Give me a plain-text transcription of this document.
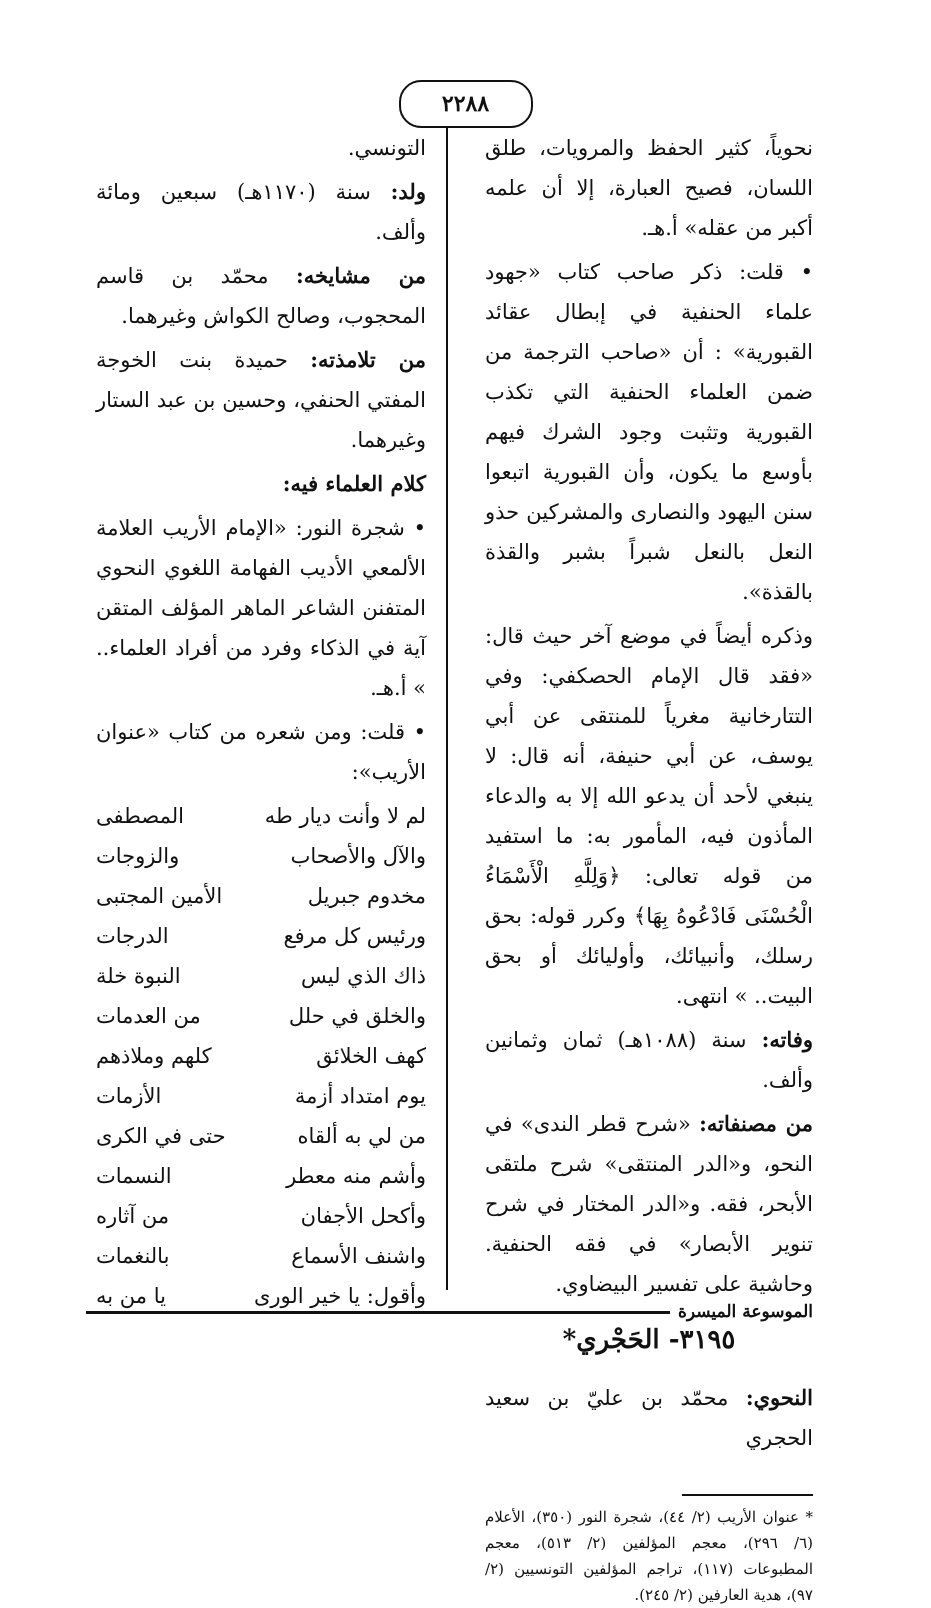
٢٢٨٨

نحوياً، كثير الحفظ والمرويات، طلق اللسان، فصيح العبارة، إلا أن علمه أكبر من عقله» أ.هـ.

• قلت: ذكر صاحب كتاب «جهود علماء الحنفية في إبطال عقائد القبورية» : أن «صاحب الترجمة من ضمن العلماء الحنفية التي تكذب القبورية وتثبت وجود الشرك فيهم بأوسع ما يكون، وأن القبورية اتبعوا سنن اليهود والنصارى والمشركين حذو النعل بالنعل شبراً بشبر والقذة بالقذة».

وذكره أيضاً في موضع آخر حيث قال: «فقد قال الإمام الحصكفي: وفي التتارخانية مغرياً للمنتقى عن أبي يوسف، عن أبي حنيفة، أنه قال: لا ينبغي لأحد أن يدعو الله إلا به والدعاء المأذون فيه، المأمور به: ما استفيد من قوله تعالى: ﴿وَلِلَّهِ الْأَسْمَاءُ الْحُسْنَى فَادْعُوهُ بِهَا﴾ وكرر قوله: بحق رسلك، وأنبيائك، وأوليائك أو بحق البيت.. » انتهى.

وفاته: سنة (١٠٨٨هـ) ثمان وثمانين وألف.

من مصنفاته: «شرح قطر الندى» في النحو، و«الدر المنتقى» شرح ملتقى الأبحر، فقه. و«الدر المختار في شرح تنوير الأبصار» في فقه الحنفية. وحاشية على تفسير البيضاوي.

٣١٩٥- الحَجْري*

النحوي: محمّد بن عليّ بن سعيد الحجري

* عنوان الأريب (٢/ ٤٤)، شجرة النور (٣٥٠)، الأعلام (٦/ ٢٩٦)، معجم المؤلفين (٢/ ٥١٣)، معجم المطبوعات (١١٧)، تراجم المؤلفين التونسيين (٢/ ٩٧)، هدية العارفين (٢/ ٢٤٥).

التونسي.

ولد: سنة (١١٧٠هـ) سبعين ومائة وألف.

من مشايخه: محمّد بن قاسم المحجوب، وصالح الكواش وغيرهما.

من تلامذته: حميدة بنت الخوجة المفتي الحنفي، وحسين بن عبد الستار وغيرهما.

كلام العلماء فيه:

• شجرة النور: «الإمام الأريب العلامة الألمعي الأديب الفهامة اللغوي النحوي المتفنن الشاعر الماهر المؤلف المتقن آية في الذكاء وفرد من أفراد العلماء.. » أ.هـ.

• قلت: ومن شعره من كتاب «عنوان الأريب»:

لم لا وأنت ديار طه
المصطفى
والآل والأصحاب
والزوجات
مخدوم جبريل
الأمين المجتبى
ورئيس كل مرفع
الدرجات
ذاك الذي ليس
النبوة خلة
والخلق في حلل
من العدمات
كهف الخلائق
كلهم وملاذهم
يوم امتداد أزمة
الأزمات
من لي به ألقاه
حتى في الكرى
وأشم منه معطر
النسمات
وأكحل الأجفان
من آثاره
واشنف الأسماع
بالنغمات
وأقول: يا خير الورى
يا من به
الموسوعة الميسرة
